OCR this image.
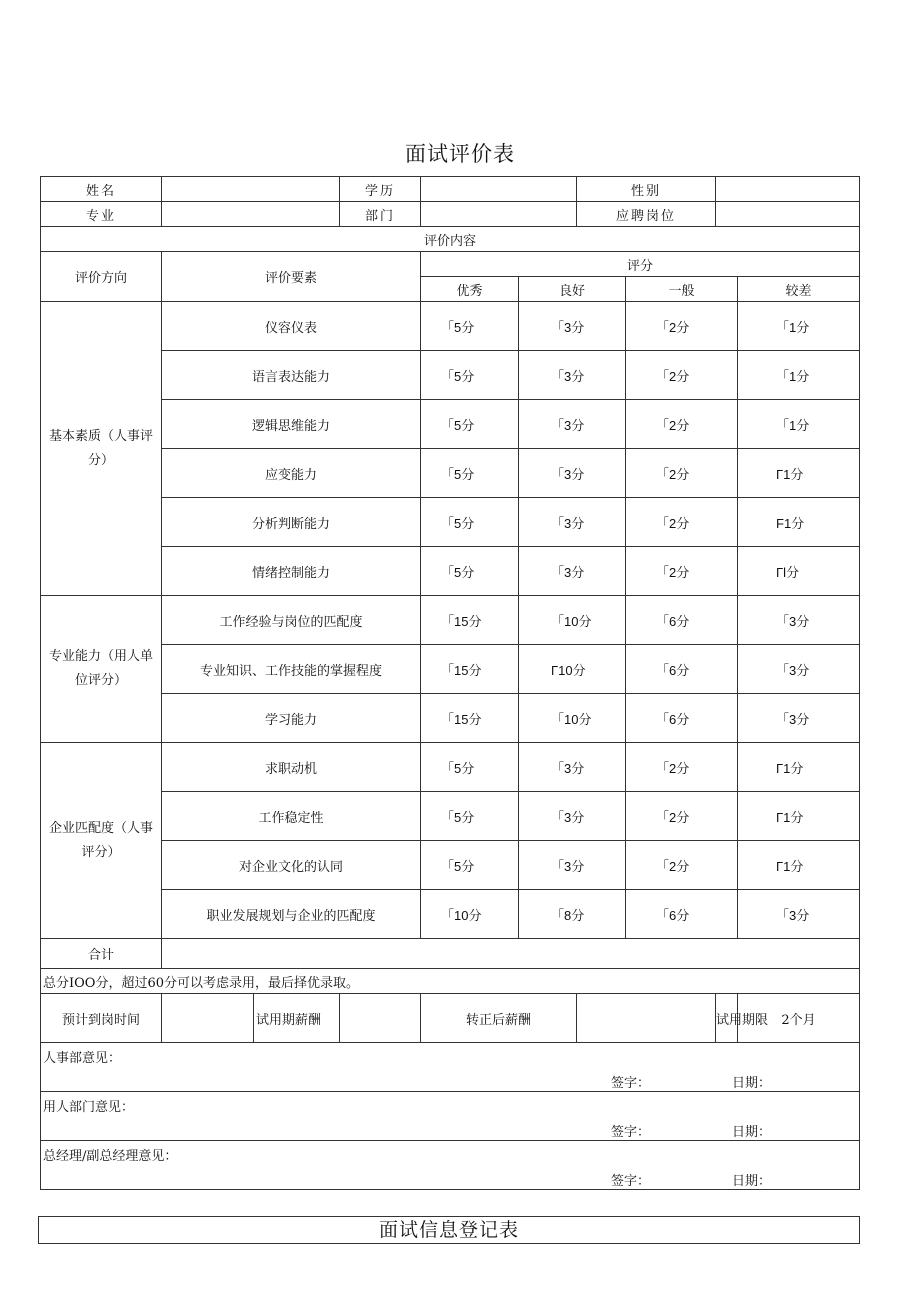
面试评价表
姓名			学历			性别			
专业			部门			应聘岗位			
评价内容									
评价方向	评价要素			评分					
				优秀	良好		一般		较差
基本素质（人事评分）	仪容仪表			「5分	「3分		「2分		「1分
	语言表达能力			「5分	「3分		「2分		「1分
	逻辑思维能力			「5分	「3分		「2分		「1分
	应变能力			「5分	「3分		「2分		Γ1分
	分析判断能力			「5分	「3分		「2分		F1分
	情绪控制能力			「5分	「3分		「2分		Γl分
专业能力（用人单位评分）	工作经验与岗位的匹配度			「15分	「10分		「6分		「3分
	专业知识、工作技能的掌握程度			「15分	Γ10分		「6分		「3分
	学习能力			「15分	「10分		「6分		「3分
企业匹配度（人事评分）	求职动机			「5分	「3分		「2分		Γ1分
	工作稳定性			「5分	「3分		「2分		Γ1分
	对企业文化的认同			「5分	「3分		「2分		Γ1分
	职业发展规划与企业的匹配度			「10分	「8分		「6分		「3分
合计									
总分IOO分，超过60分可以考虑录用，最后择优录取。									
预计到岗时间		试用期薪酬		转正后薪酬				试用期限	2个月

人事部意见：
签字： 日期：									

用人部门意见：
签字： 日期：									

总经理/副总经理意见：
签字： 日期：									
面试信息登记表
